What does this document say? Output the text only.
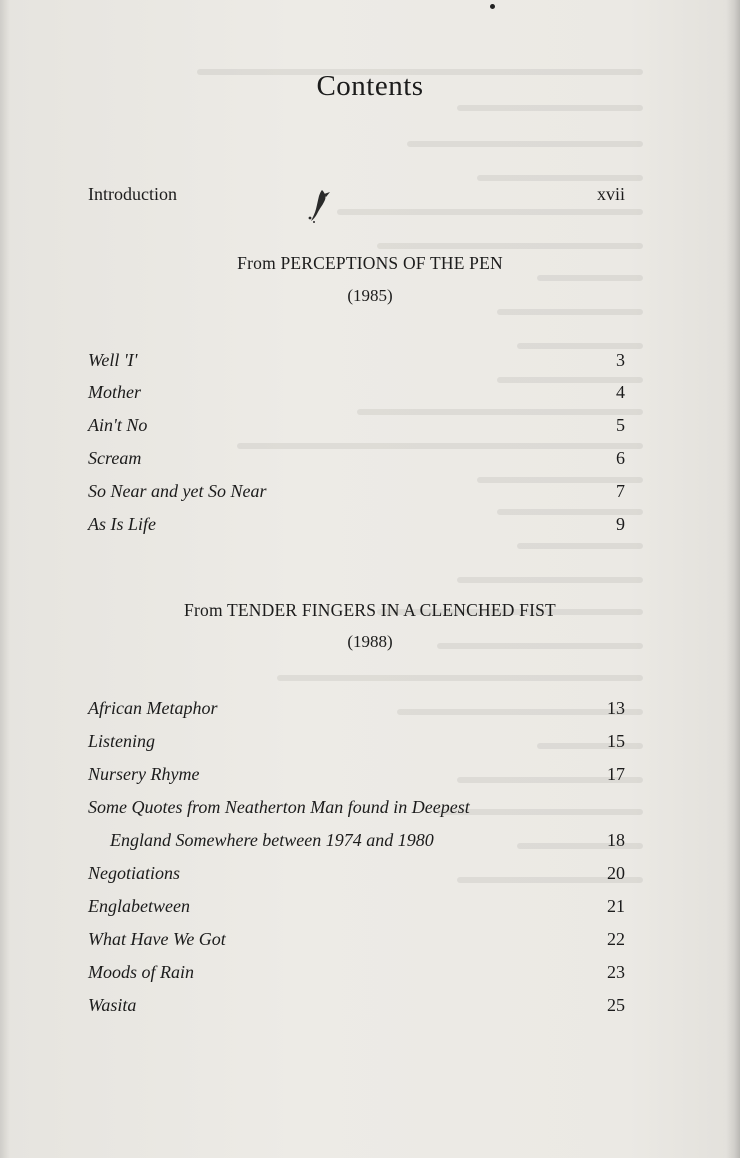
Contents
Introduction	xvii
From PERCEPTIONS OF THE PEN
(1985)
Well 'I'	3
Mother	4
Ain't No	5
Scream	6
So Near and yet So Near	7
As Is Life	9
From TENDER FINGERS IN A CLENCHED FIST
(1988)
African Metaphor	13
Listening	15
Nursery Rhyme	17
Some Quotes from Neatherton Man found in Deepest
England Somewhere between 1974 and 1980	18
Negotiations	20
Englabetween	21
What Have We Got	22
Moods of Rain	23
Wasita	25
